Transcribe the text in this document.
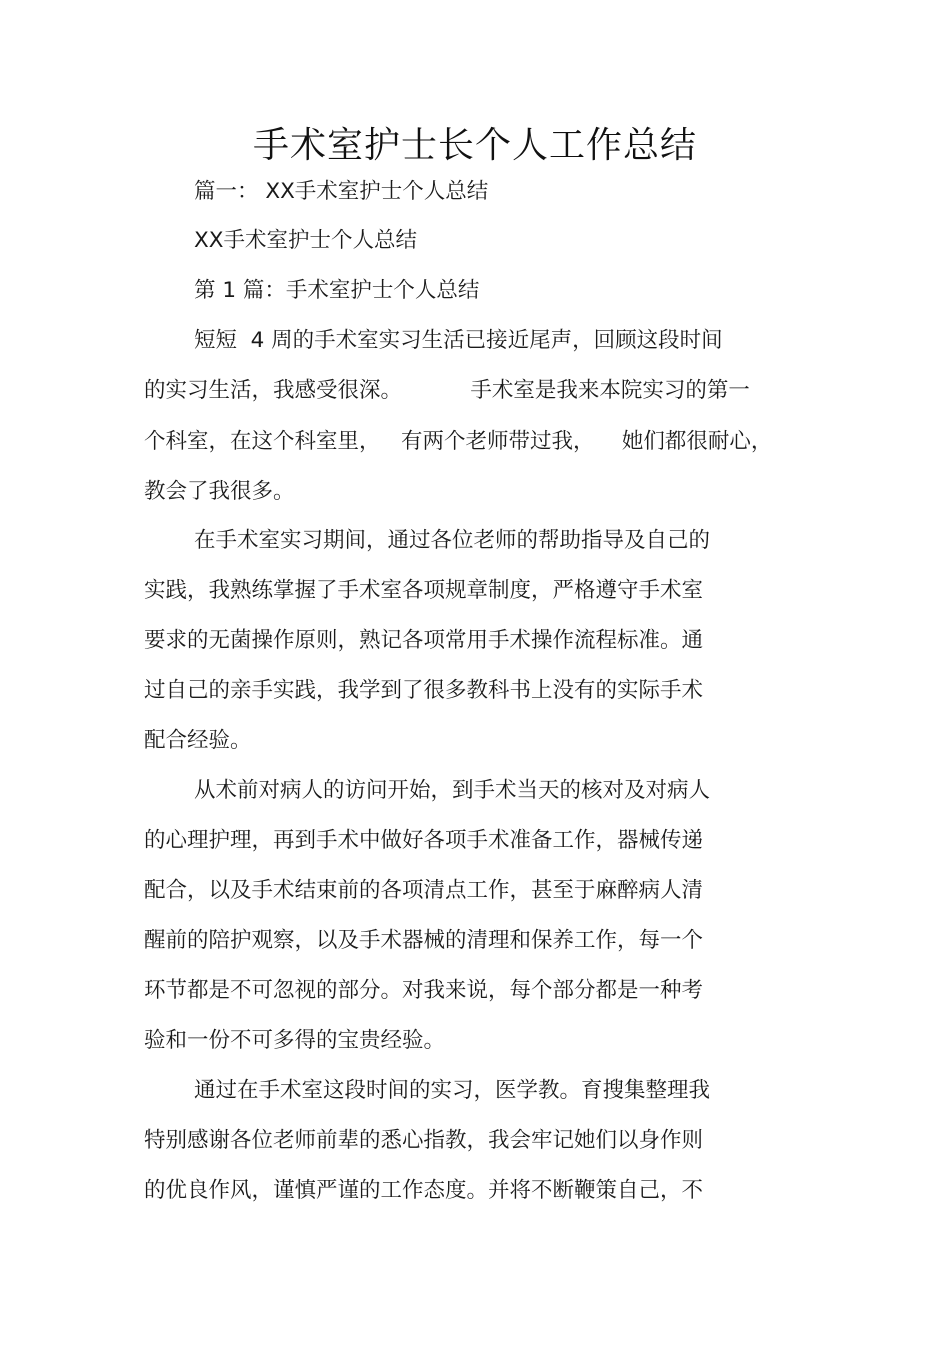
手术室护士长个人工作总结
篇一： XX手术室护士个人总结
XX手术室护士个人总结
第 1 篇：手术室护士个人总结
短短  4 周的手术室实习生活已接近尾声，回顾这段时间
的实习生活，我感受很深。          手术室是我来本院实习的第一
个科室，在这个科室里，   有两个老师带过我，    她们都很耐心，
教会了我很多。
在手术室实习期间，通过各位老师的帮助指导及自己的
实践，我熟练掌握了手术室各项规章制度，严格遵守手术室
要求的无菌操作原则，熟记各项常用手术操作流程标准。通
过自己的亲手实践，我学到了很多教科书上没有的实际手术
配合经验。
从术前对病人的访问开始，到手术当天的核对及对病人
的心理护理，再到手术中做好各项手术准备工作，器械传递
配合，以及手术结束前的各项清点工作，甚至于麻醉病人清
醒前的陪护观察，以及手术器械的清理和保养工作，每一个
环节都是不可忽视的部分。对我来说，每个部分都是一种考
验和一份不可多得的宝贵经验。
通过在手术室这段时间的实习，医学教。育搜集整理我
特别感谢各位老师前辈的悉心指教，我会牢记她们以身作则
的优良作风，谨慎严谨的工作态度。并将不断鞭策自己，不
